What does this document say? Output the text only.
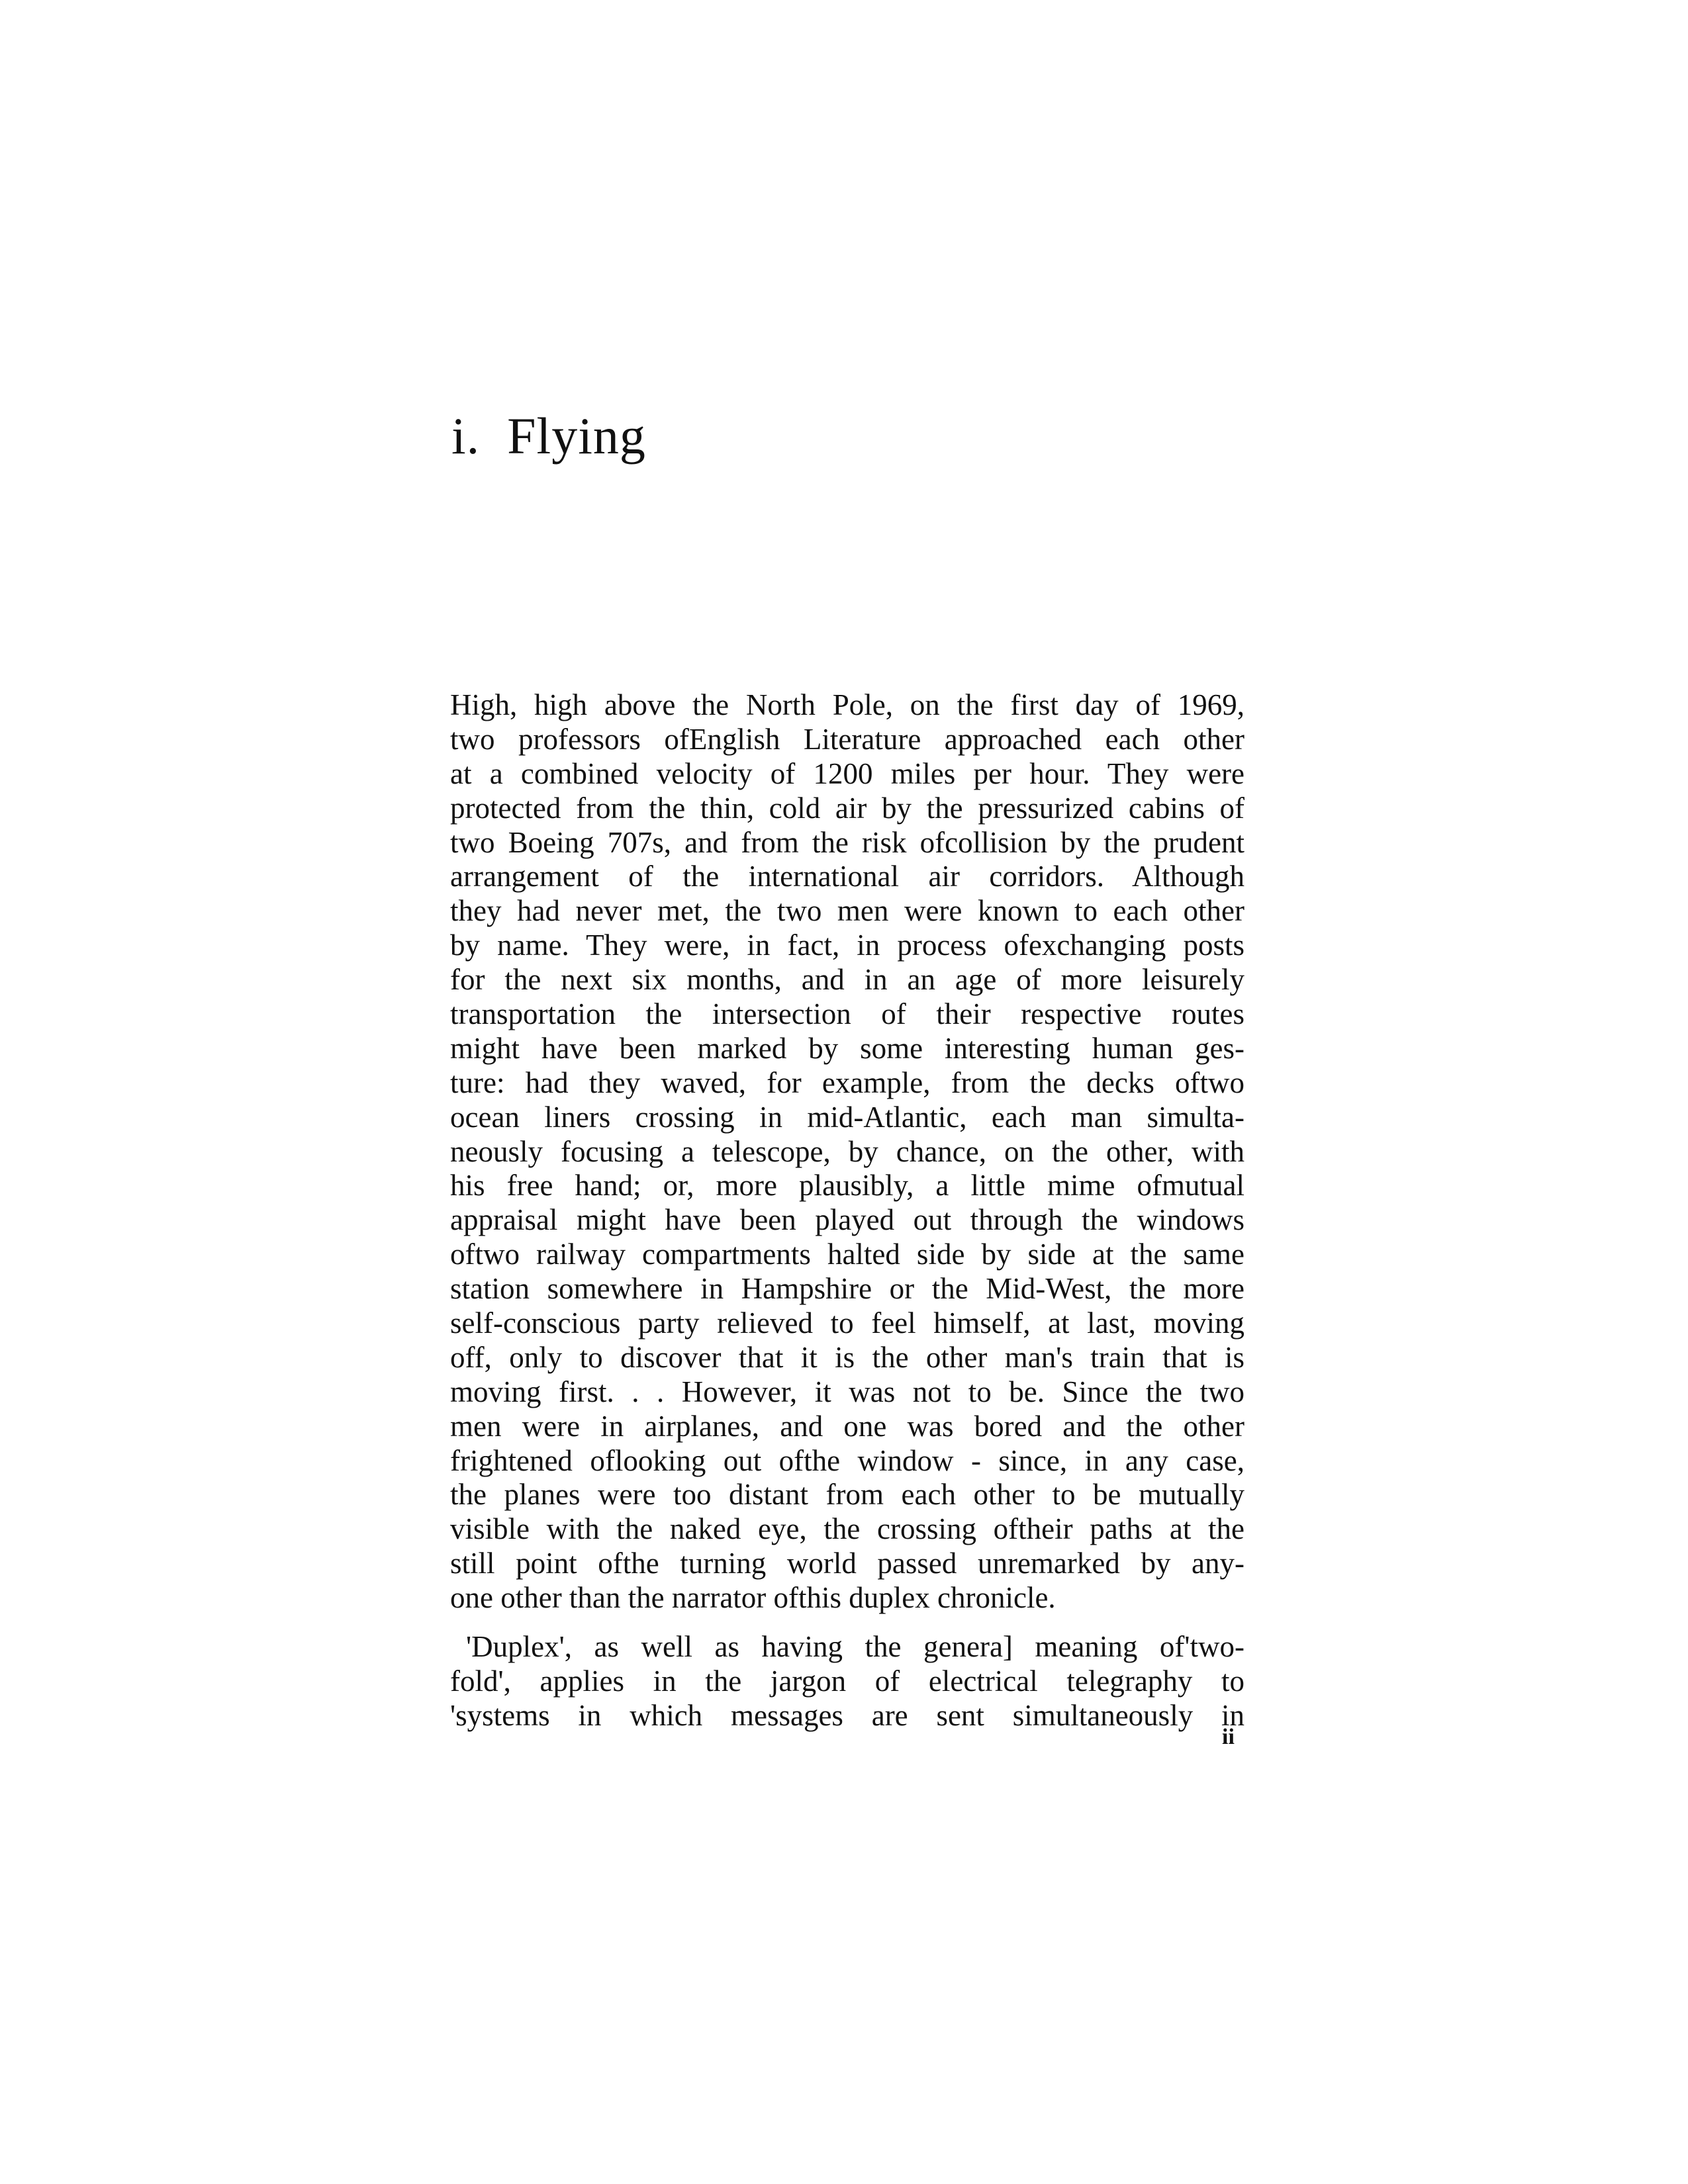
i.  Flying
High, high above the North Pole, on the first day of 1969,
two professors ofEnglish Literature approached each other
at a combined velocity of 1200 miles per hour. They were
protected from the thin, cold air by the pressurized cabins of
two Boeing 707s, and from the risk ofcollision by the prudent
arrangement of the international air corridors. Although
they had never met, the two men were known to each other
by name. They were, in fact, in process ofexchanging posts
for the next six months, and in an age of more leisurely
transportation the intersection of their respective routes
might have been marked by some interesting human ges-
ture: had they waved, for example, from the decks oftwo
ocean liners crossing in mid-Atlantic, each man simulta-
neously focusing a telescope, by chance, on the other, with
his free hand; or, more plausibly, a little mime ofmutual
appraisal might have been played out through the windows
oftwo railway compartments halted side by side at the same
station somewhere in Hampshire or the Mid-West, the more
self-conscious party relieved to feel himself, at last, moving
off, only to discover that it is the other man's train that is
moving first. . . However, it was not to be. Since the two
men were in airplanes, and one was bored and the other
frightened oflooking out ofthe window - since, in any case,
the planes were too distant from each other to be mutually
visible with the naked eye, the crossing oftheir paths at the
still point ofthe turning world passed unremarked by any-
one other than the narrator ofthis duplex chronicle.
'Duplex', as well as having the genera] meaning of'two-
fold', applies in the jargon of electrical telegraphy to
'systems in which messages are sent simultaneously in
ii
